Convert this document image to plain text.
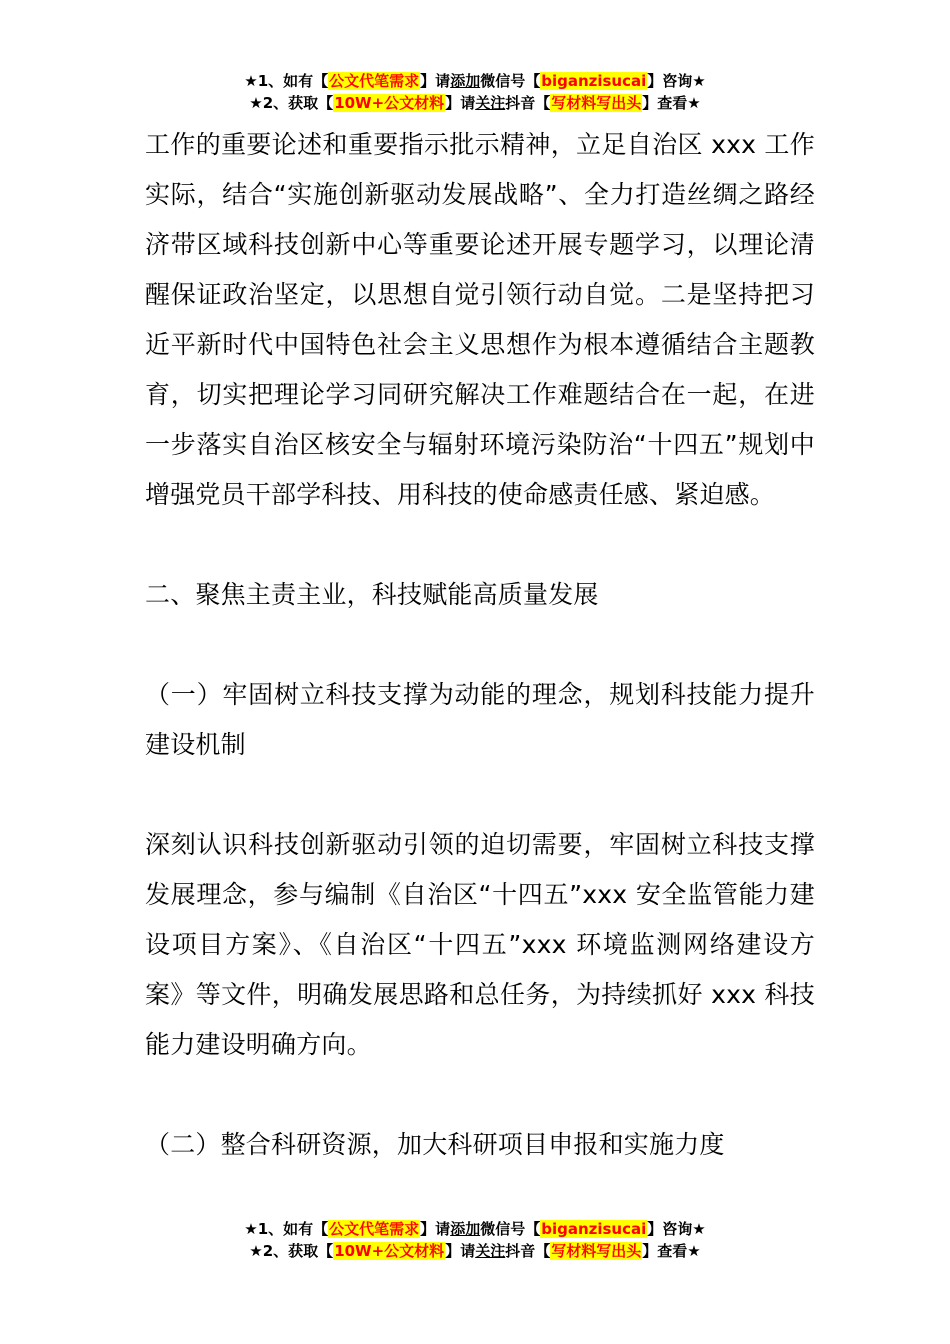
★1、如有【公文代笔需求】请添加微信号【biganzisucai】咨询★
★2、获取【10W+公文材料】请关注抖音【写材料写出头】查看★

工作的重要论述和重要指示批示精神，立足自治区 xxx 工作实际，结合“实施创新驱动发展战略”、全力打造丝绸之路经济带区域科技创新中心等重要论述开展专题学习，以理论清醒保证政治坚定，以思想自觉引领行动自觉。二是坚持把习近平新时代中国特色社会主义思想作为根本遵循结合主题教育，切实把理论学习同研究解决工作难题结合在一起，在进一步落实自治区核安全与辐射环境污染防治“十四五”规划中增强党员干部学科技、用科技的使命感责任感、紧迫感。

二、聚焦主责主业，科技赋能高质量发展

（一）牢固树立科技支撑为动能的理念，规划科技能力提升建设机制

深刻认识科技创新驱动引领的迫切需要，牢固树立科技支撑发展理念，参与编制《自治区“十四五”xxx 安全监管能力建设项目方案》、《自治区“十四五”xxx 环境监测网络建设方案》等文件，明确发展思路和总任务，为持续抓好 xxx 科技能力建设明确方向。

（二）整合科研资源，加大科研项目申报和实施力度

★1、如有【公文代笔需求】请添加微信号【biganzisucai】咨询★
★2、获取【10W+公文材料】请关注抖音【写材料写出头】查看★
